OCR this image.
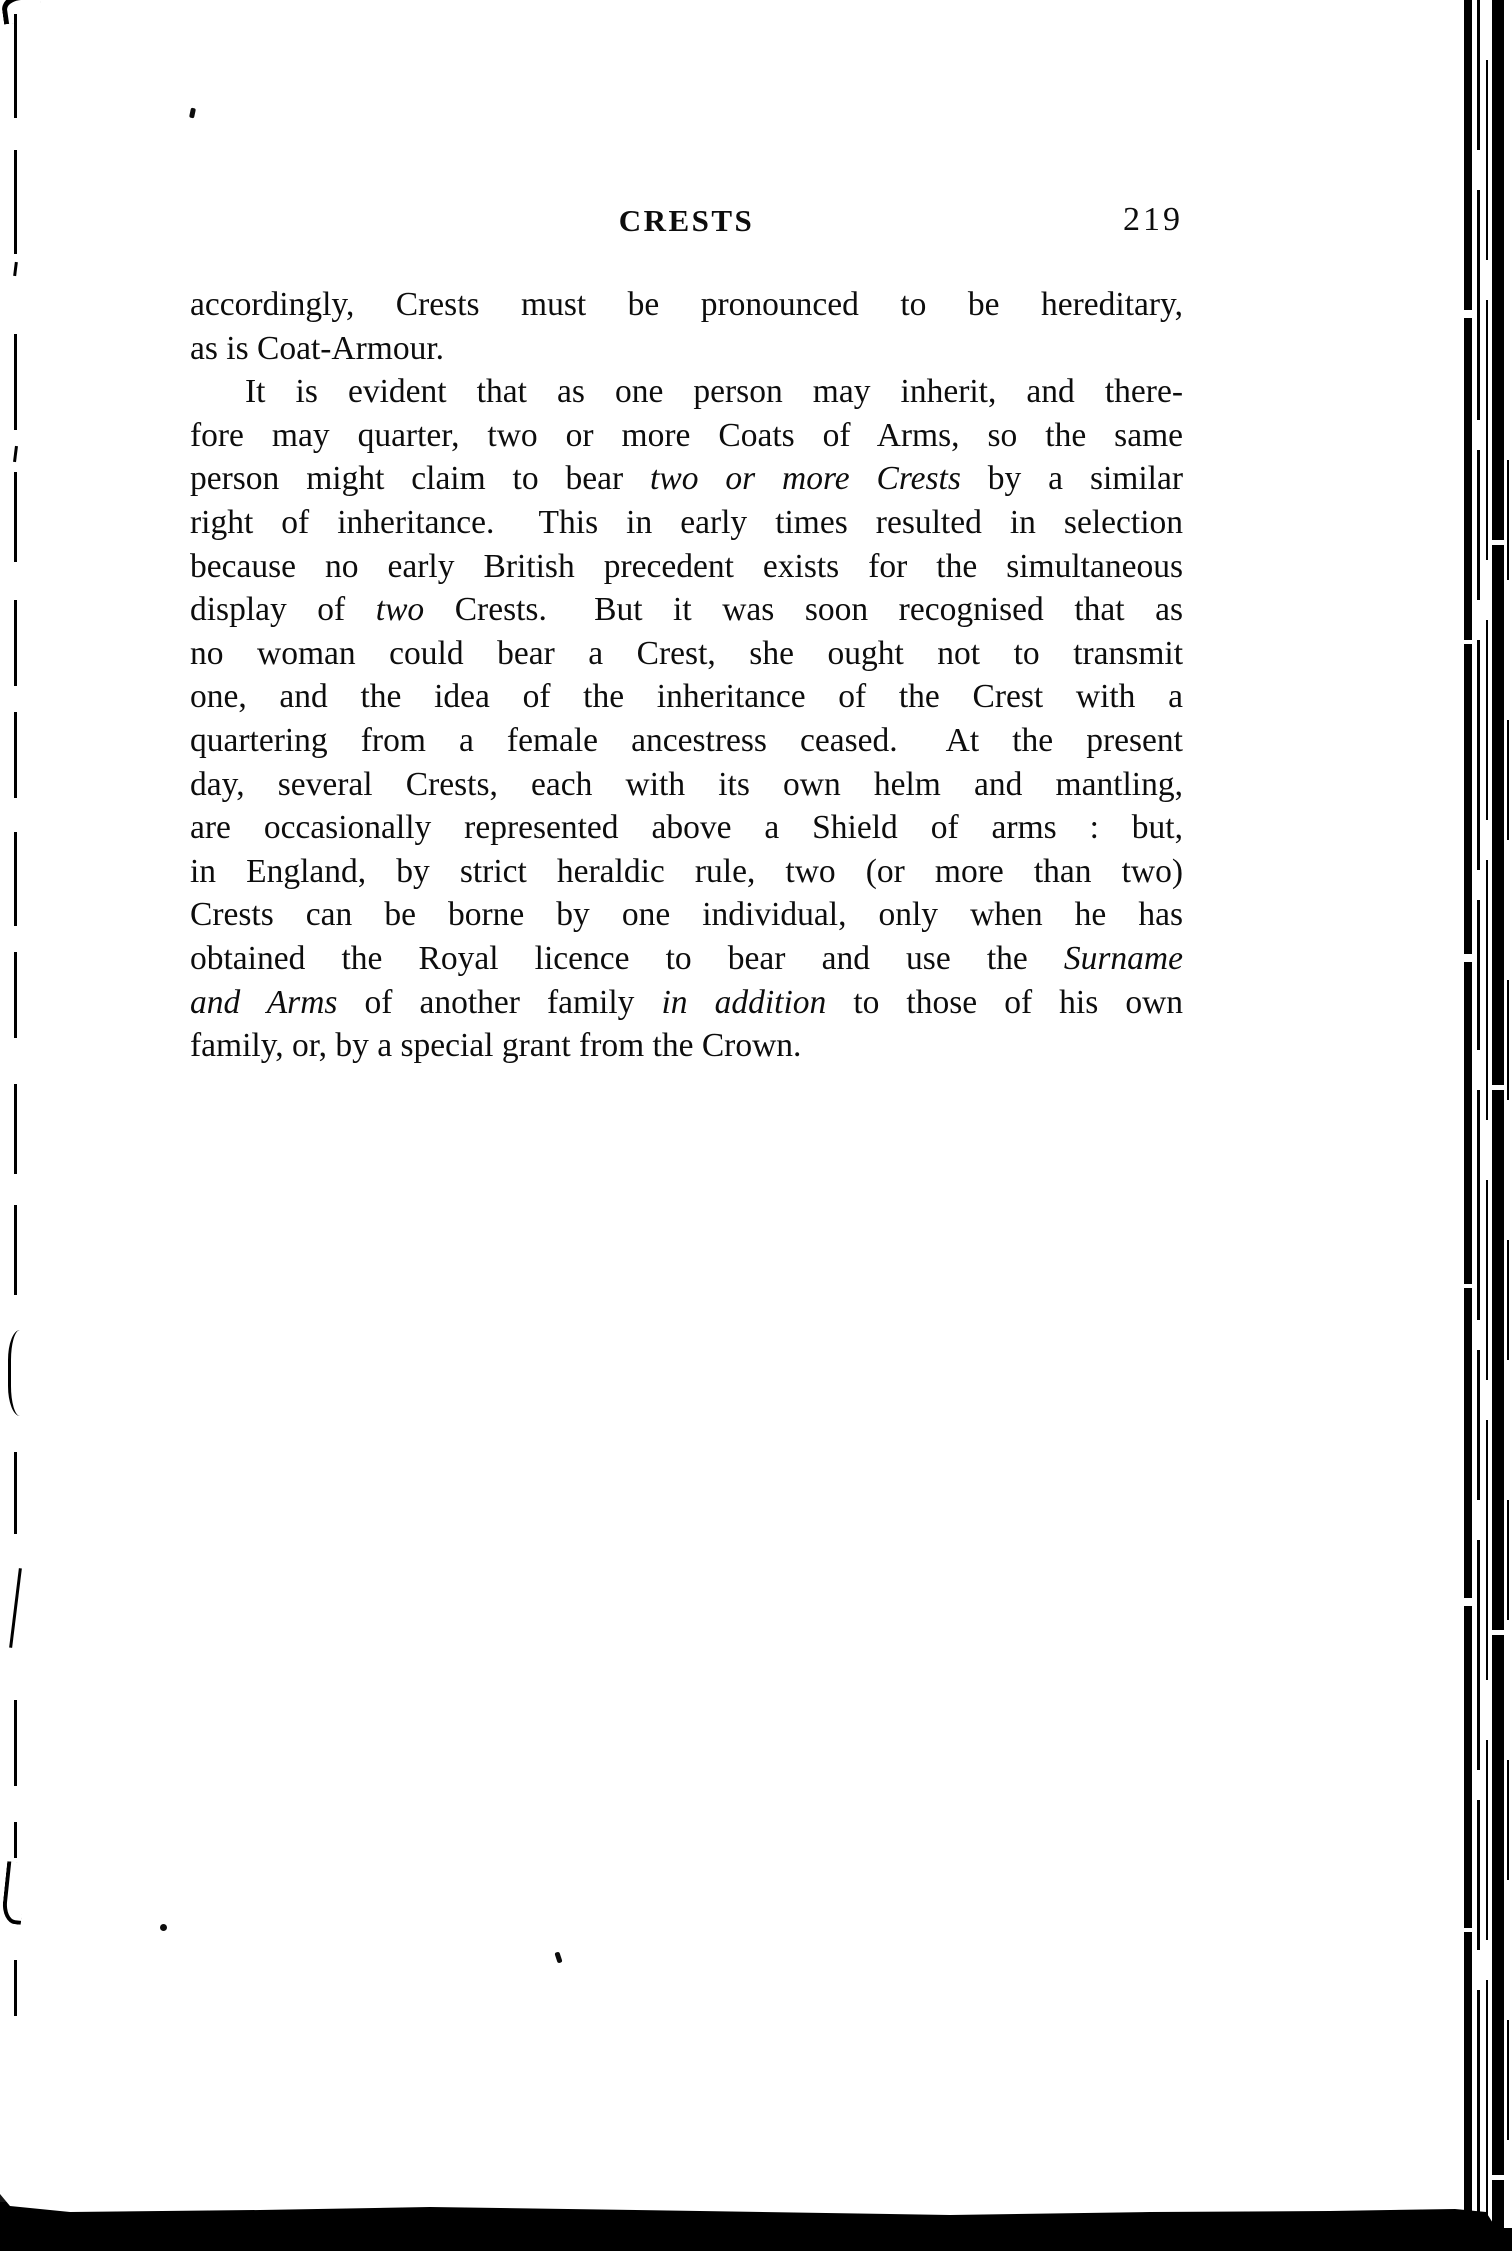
CRESTS	219
accordingly, Crests must be pronounced to be hereditary,
as is Coat-Armour.
It is evident that as one person may inherit, and there-
fore may quarter, two or more Coats of Arms, so the same
person might claim to bear two or more Crests by a similar
right of inheritance.  This in early times resulted in selection
because no early British precedent exists for the simultaneous
display of two Crests.  But it was soon recognised that as
no woman could bear a Crest, she ought not to transmit
one, and the idea of the inheritance of the Crest with a
quartering from a female ancestress ceased.  At the present
day, several Crests, each with its own helm and mantling,
are occasionally represented above a Shield of arms : but,
in England, by strict heraldic rule, two (or more than two)
Crests can be borne by one individual, only when he has
obtained the Royal licence to bear and use the Surname
and Arms of another family in addition to those of his own
family, or, by a special grant from the Crown.
